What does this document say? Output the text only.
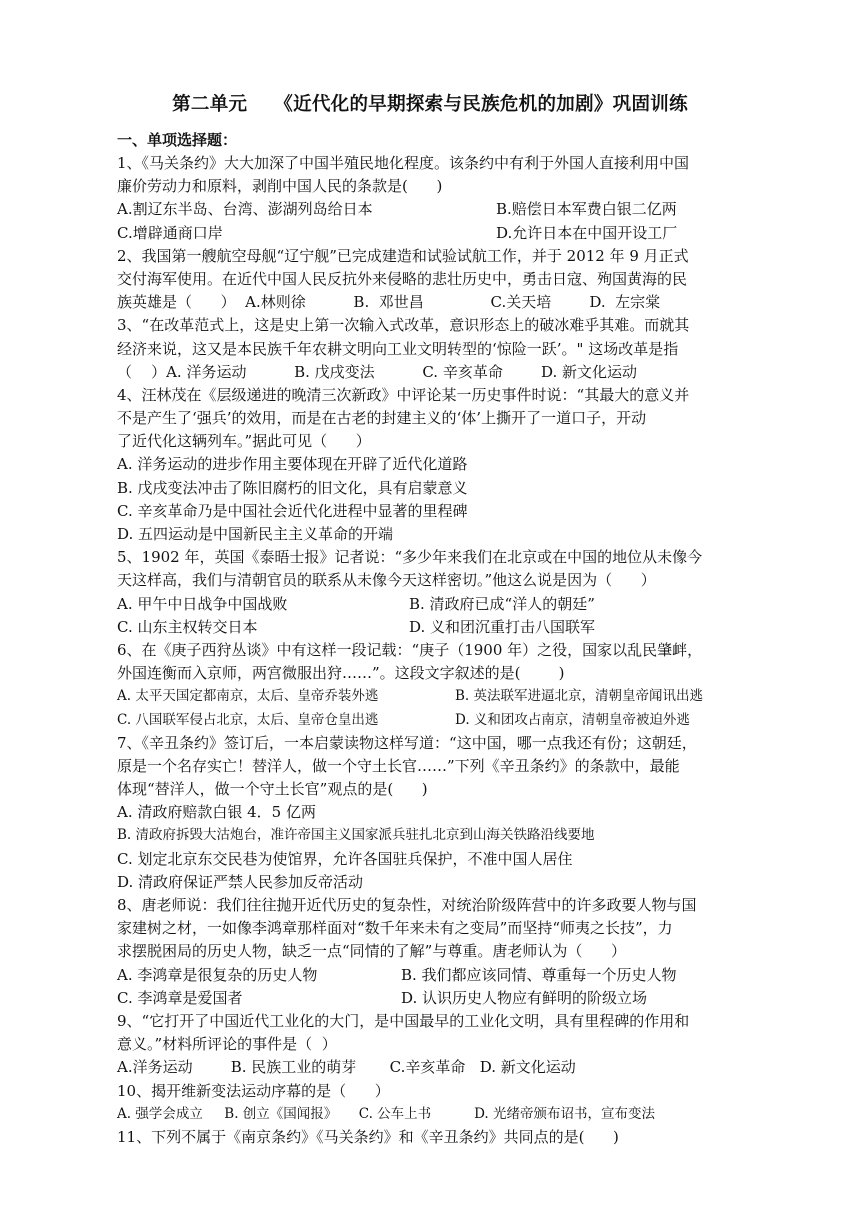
第二单元    《近代化的早期探索与民族危机的加剧》巩固训练
一、单项选择题：
1、《马关条约》大大加深了中国半殖民地化程度。该条约中有利于外国人直接利用中国
廉价劳动力和原料，剥削中国人民的条款是(      )

A.割辽东半岛、台湾、澎湖列岛给日本

	B.赔偿日本军费白银二亿两

C.增辟通商口岸

	D.允许日本在中国开设工厂

2、我国第一艘航空母舰“辽宁舰”已完成建造和试验试航工作，并于 2012 年 9 月正式
交付海军使用。在近代中国人民反抗外来侵略的悲壮历史中，勇击日寇、殉国黄海的民
族英雄是（      ）  A.林则徐          B.  邓世昌              C.关天培        D.  左宗棠
3、“在改革范式上，这是史上第一次输入式改革，意识形态上的破冰难乎其难。而就其
经济来说，这又是本民族千年农耕文明向工业文明转型的‘惊险一跃’。" 这场改革是指
（    ）A. 洋务运动          B. 戊戌变法          C. 辛亥革命        D. 新文化运动
4、汪林茂在《层级递进的晚清三次新政》中评论某一历史事件时说：“其最大的意义并
不是产生了‘强兵’的效用，而是在古老的封建主义的‘体’上撕开了一道口子，开动
了近代化这辆列车。”据此可见（      ）
A. 洋务运动的进步作用主要体现在开辟了近代化道路
B. 戊戌变法冲击了陈旧腐朽的旧文化，具有启蒙意义
C. 辛亥革命乃是中国社会近代化进程中显著的里程碑
D. 五四运动是中国新民主主义革命的开端
5、1902 年，英国《泰晤士报》记者说：“多少年来我们在北京或在中国的地位从未像今
天这样高，我们与清朝官员的联系从未像今天这样密切。”他这么说是因为（      ）

A. 甲午中日战争中国战败

	B. 清政府已成“洋人的朝廷”

C. 山东主权转交日本

	D. 义和团沉重打击八国联军

6、在《庚子西狩丛谈》中有这样一段记载：“庚子（1900 年）之役，国家以乱民肇衅，
外国连衡而入京师，两宫微服出狩……”。这段文字叙述的是(        )

A. 太平天国定都南京，太后、皇帝乔装外逃

	B. 英法联军进逼北京，清朝皇帝闻讯出逃

C. 八国联军侵占北京，太后、皇帝仓皇出逃

	D. 义和团攻占南京，清朝皇帝被迫外逃

7、《辛丑条约》签订后，一本启蒙读物这样写道：“这中国，哪一点我还有份；这朝廷，
原是一个名存实亡！替洋人，做一个守土长官……”下列《辛丑条约》的条款中，最能
体现“替洋人，做一个守土长官”观点的是(      )
A. 清政府赔款白银 4．5 亿两
B. 清政府拆毁大沽炮台，准许帝国主义国家派兵驻扎北京到山海关铁路沿线要地
C. 划定北京东交民巷为使馆界，允许各国驻兵保护，不准中国人居住
D. 清政府保证严禁人民参加反帝活动
8、唐老师说：我们往往抛开近代历史的复杂性，对统治阶级阵营中的许多政要人物与国
家建树之材，一如像李鸿章那样面对“数千年来未有之变局”而坚持“师夷之长技”，力
求摆脱困局的历史人物，缺乏一点“同情的了解”与尊重。唐老师认为（      ）

A. 李鸿章是很复杂的历史人物

	B. 我们都应该同情、尊重每一个历史人物

C. 李鸿章是爱国者

	D. 认识历史人物应有鲜明的阶级立场

9、“它打开了中国近代工业化的大门，是中国最早的工业化文明，具有里程碑的作用和
意义。”材料所评论的事件是（  ）
A.洋务运动        B. 民族工业的萌芽       C.辛亥革命   D. 新文化运动
10、揭开维新变法运动序幕的是（      ）
A. 强学会成立     B. 创立《国闻报》     C. 公车上书          D. 光绪帝颁布诏书，宣布变法
11、下列不属于《南京条约》《马关条约》和《辛丑条约》共同点的是(      )
